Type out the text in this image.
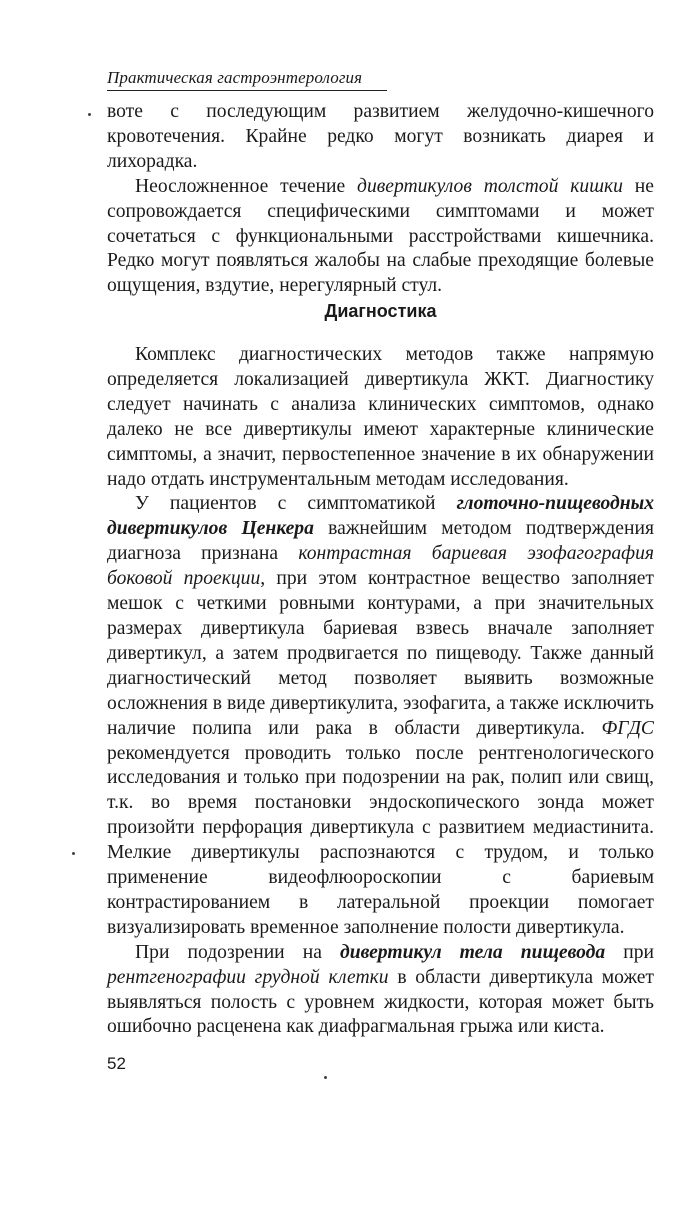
Практическая гастроэнтерология

воте с последующим развитием желудочно-кишечного кровотечения. Крайне редко могут возникать диарея и лихорадка.

Неосложненное течение дивертикулов толстой кишки не сопровождается специфическими симптомами и может сочетаться с функциональными расстройствами кишечника. Редко могут появляться жалобы на слабые преходящие болевые ощущения, вздутие, нерегулярный стул.

Диагностика

Комплекс диагностических методов также напрямую определяется локализацией дивертикула ЖКТ. Диагностику следует начинать с анализа клинических симптомов, однако далеко не все дивертикулы имеют характерные клинические симптомы, а значит, первостепенное значение в их обнаружении надо отдать инструментальным методам исследования.

У пациентов с симптоматикой глоточно-пищеводных дивертикулов Ценкера важнейшим методом подтверждения диагноза признана контрастная бариевая эзофагография боковой проекции, при этом контрастное вещество заполняет мешок с четкими ровными контурами, а при значительных размерах дивертикула бариевая взвесь вначале заполняет дивертикул, а затем продвигается по пищеводу. Также данный диагностический метод позволяет выявить возможные осложнения в виде дивертикулита, эзофагита, а также исключить наличие полипа или рака в области дивертикула. ФГДС рекомендуется проводить только после рентгенологического исследования и только при подозрении на рак, полип или свищ, т.к. во время постановки эндоскопического зонда может произойти перфорация дивертикула с развитием медиастинита. Мелкие дивертикулы распознаются с трудом, и только применение видеофлюороскопии с бариевым контрастированием в латеральной проекции помогает визуализировать временное заполнение полости дивертикула.

При подозрении на дивертикул тела пищевода при рентгенографии грудной клетки в области дивертикула может выявляться полость с уровнем жидкости, которая может быть ошибочно расценена как диафрагмальная грыжа или киста.

52
